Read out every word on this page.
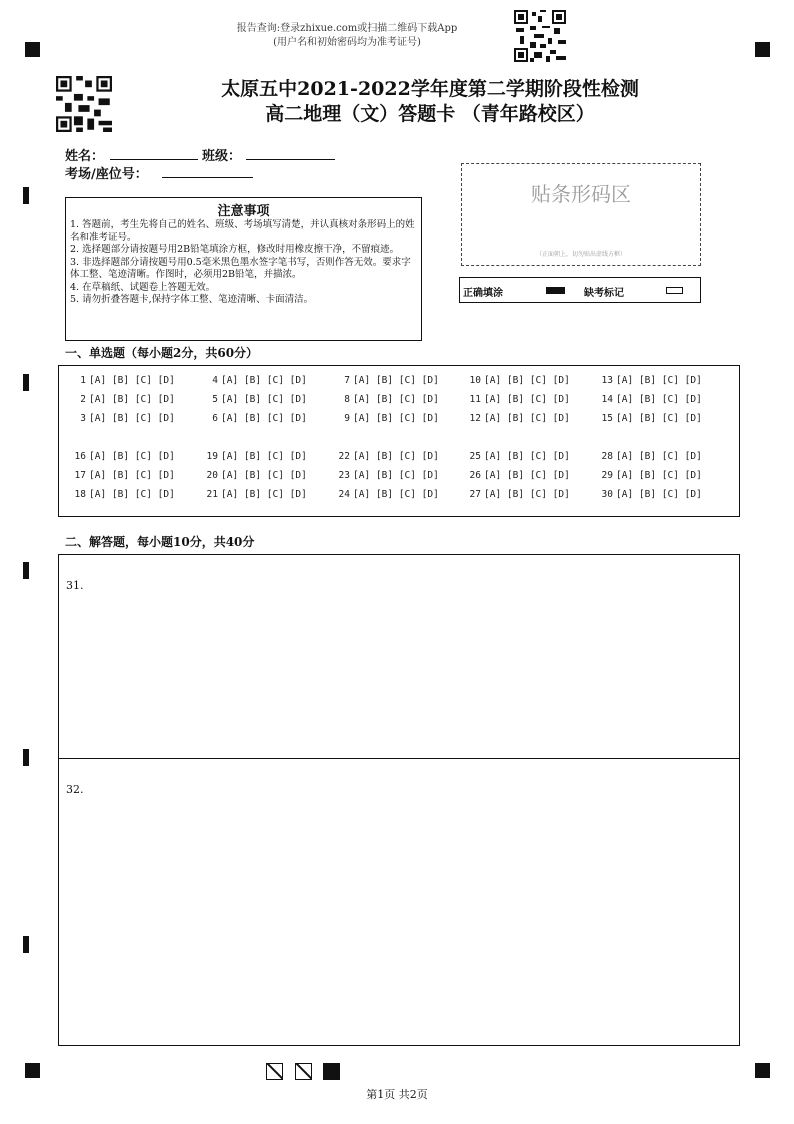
报告查询:登录zhixue.com或扫描二维码下载App
(用户名和初始密码均为准考证号)
太原五中2021-2022学年度第二学期阶段性检测
高二地理（文）答题卡 （青年路校区）
姓名：	班级：
考场/座位号：
贴条形码区
（正面朝上，切勿贴出虚线方框）
正确填涂	缺考标记
注意事项
1. 答题前，考生先将自己的姓名、班级、考场填写清楚，并认真核对条形码上的姓名和准考证号。
2. 选择题部分请按题号用2B铅笔填涂方框，修改时用橡皮擦干净，不留痕迹。
3. 非选择题部分请按题号用0.5毫米黑色墨水签字笔书写，否则作答无效。要求字体工整、笔迹清晰。作图时，必须用2B铅笔，并描浓。
4. 在草稿纸、试题卷上答题无效。
5. 请勿折叠答题卡,保持字体工整、笔迹清晰、卡面清洁。
一、单选题（每小题2分，共60分）
1 [A] [B] [C] [D]
2 [A] [B] [C] [D]
3 [A] [B] [C] [D]
4 [A] [B] [C] [D]
5 [A] [B] [C] [D]
6 [A] [B] [C] [D]
7 [A] [B] [C] [D]
8 [A] [B] [C] [D]
9 [A] [B] [C] [D]
10 [A] [B] [C] [D]
11 [A] [B] [C] [D]
12 [A] [B] [C] [D]
13 [A] [B] [C] [D]
14 [A] [B] [C] [D]
15 [A] [B] [C] [D]
16 [A] [B] [C] [D]
17 [A] [B] [C] [D]
18 [A] [B] [C] [D]
19 [A] [B] [C] [D]
20 [A] [B] [C] [D]
21 [A] [B] [C] [D]
22 [A] [B] [C] [D]
23 [A] [B] [C] [D]
24 [A] [B] [C] [D]
25 [A] [B] [C] [D]
26 [A] [B] [C] [D]
27 [A] [B] [C] [D]
28 [A] [B] [C] [D]
29 [A] [B] [C] [D]
30 [A] [B] [C] [D]
二、解答题，每小题10分，共40分
31.
32.
第1页 共2页
